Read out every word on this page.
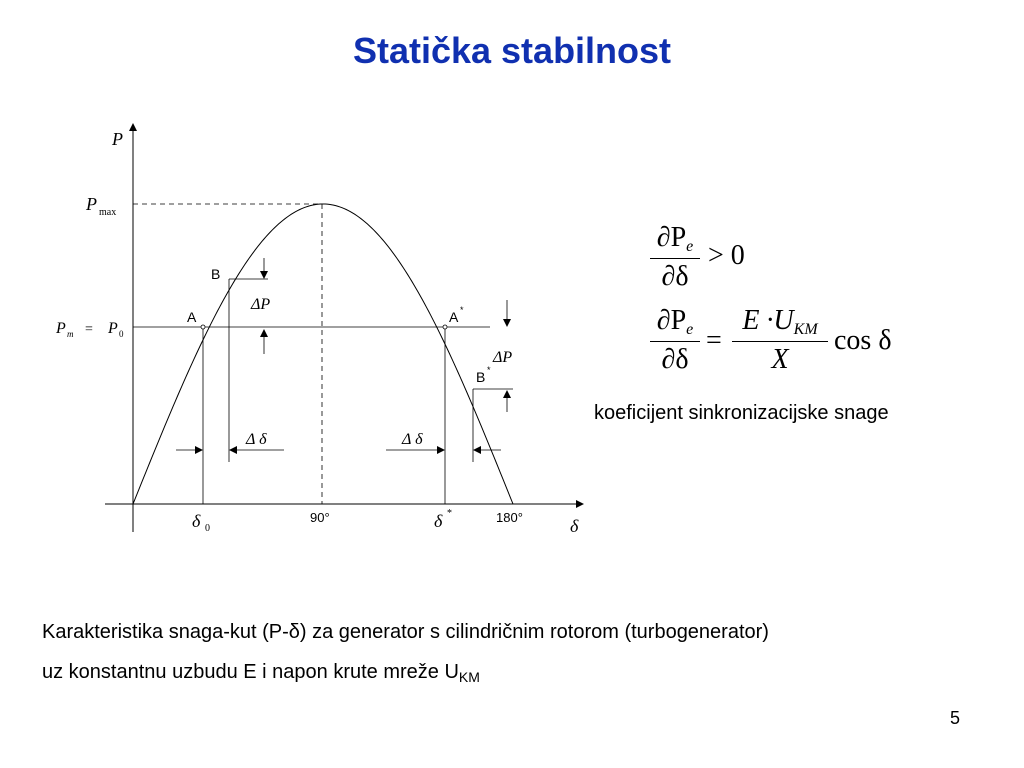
Statička stabilnost
P
δ
P max
P m = P 0
A
B
A *
B *
ΔP
ΔP
Δ δ	Δ δ
δ 0
90°	δ *	180°
$\frac{\partial P_e}{\partial\delta} > 0$
$\frac{\partial P_e}{\partial\delta}$ =
$E \cdot U_{KM}$
X
cos δ
koeficijent sinkronizacijske snage
Karakteristika snaga-kut (P-δ) za generator s cilindričnim rotorom (turbogenerator)
uz konstantnu uzbudu E i napon krute mreže $U_{KM}$
5
